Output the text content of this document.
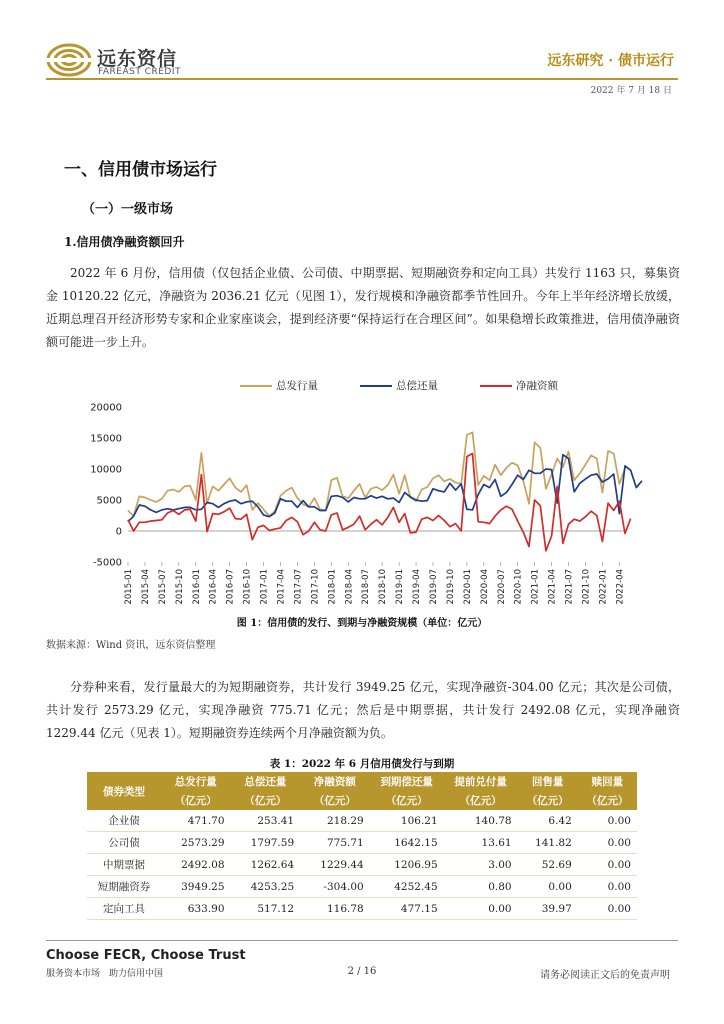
远东资信
FAREAST CREDIT
远东研究 · 债市运行
2022 年 7 月 18 日
一、信用债市场运行
（一）一级市场
1.信用债净融资额回升
2022 年 6 月份，信用债（仅包括企业债、公司债、中期票据、短期融资券和定向工具）共发行 1163 只，募集资金 10120.22 亿元，净融资为 2036.21 亿元（见图 1），发行规模和净融资都季节性回升。今年上半年经济增长放缓，近期总理召开经济形势专家和企业家座谈会，提到经济要“保持运行在合理区间”。如果稳增长政策推进，信用债净融资额可能进一步上升。
总发行量	总偿还量	净融资额
20000
15000
10000
5000
0
-5000
2015-01 2015-04 2015-07 2015-10 2016-01 2016-04 2016-07 2016-10 2017-01 2017-04 2017-07 2017-10 2018-01 2018-04 2018-07 2018-10 2019-01 2019-04 2019-07 2019-10 2020-01 2020-04 2020-07 2020-10 2021-01 2021-04 2021-07 2021-10 2022-01 2022-04
图 1：信用债的发行、到期与净融资规模（单位：亿元）
数据来源：Wind 资讯，远东资信整理
分券种来看，发行量最大的为短期融资券，共计发行 3949.25 亿元，实现净融资-304.00 亿元；其次是公司债，共计发行 2573.29 亿元，实现净融资 775.71 亿元；然后是中期票据，共计发行 2492.08 亿元，实现净融资 1229.44 亿元（见表 1）。短期融资券连续两个月净融资额为负。
表 1：2022 年 6 月信用债发行与到期
债券类型	总发行量	总偿还量	净融资额	到期偿还量	提前兑付量	回售量	赎回量
	（亿元）	（亿元）	（亿元）	（亿元）	（亿元）	（亿元）	（亿元）
企业债	471.70	253.41	218.29	106.21	140.78	6.42	0.00
公司债	2573.29	1797.59	775.71	1642.15	13.61	141.82	0.00
中期票据	2492.08	1262.64	1229.44	1206.95	3.00	52.69	0.00
短期融资券	3949.25	4253.25	-304.00	4252.45	0.80	0.00	0.00
定向工具	633.90	517.12	116.78	477.15	0.00	39.97	0.00
Choose FECR, Choose Trust
服务资本市场　助力信用中国	2 / 16	请务必阅读正文后的免责声明
